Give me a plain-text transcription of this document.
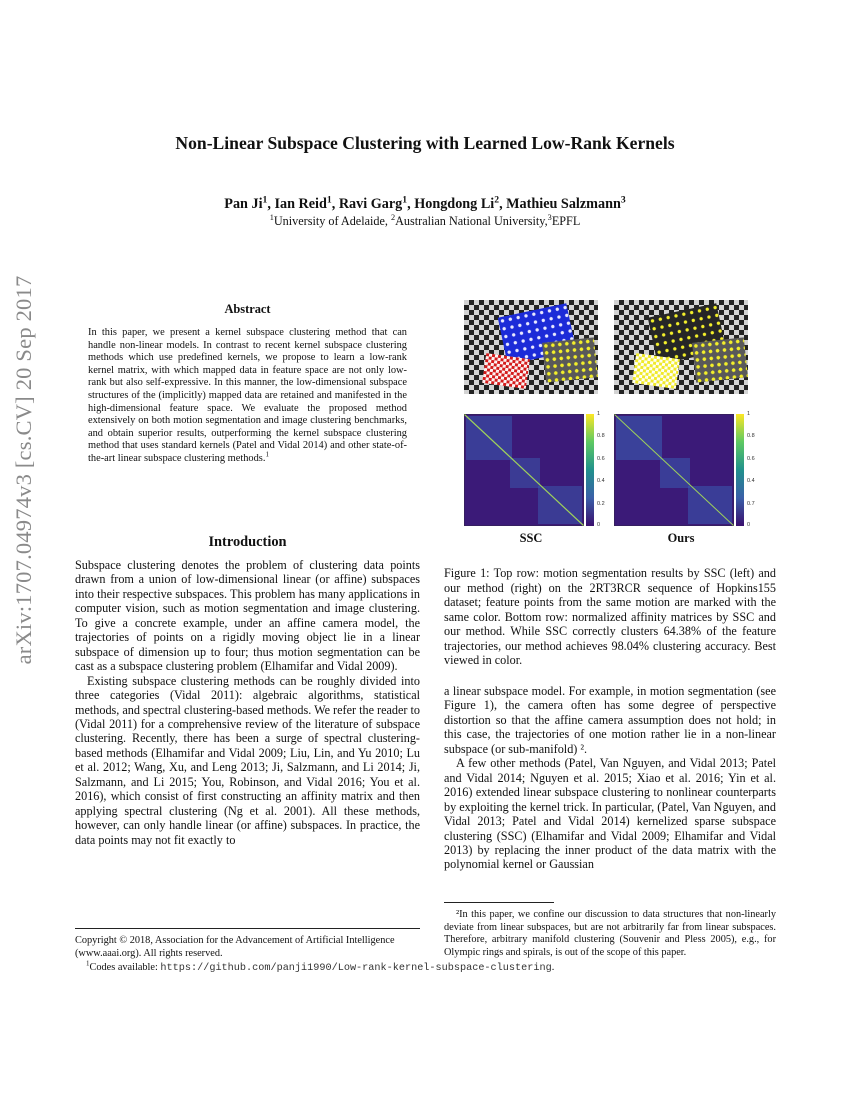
arXiv:1707.04974v3 [cs.CV] 20 Sep 2017
Non-Linear Subspace Clustering with Learned Low-Rank Kernels
Pan Ji$^1$, Ian Reid$^1$, Ravi Garg$^1$, Hongdong Li$^2$, Mathieu Salzmann$^3$
$^1$University of Adelaide, $^2$Australian National University,$^3$EPFL
Abstract
In this paper, we present a kernel subspace clustering method that can handle non-linear models. In contrast to recent kernel subspace clustering methods which use predefined kernels, we propose to learn a low-rank kernel matrix, with which mapped data in feature space are not only low-rank but also self-expressive. In this manner, the low-dimensional subspace structures of the (implicitly) mapped data are retained and manifested in the high-dimensional feature space. We evaluate the proposed method extensively on both motion segmentation and image clustering benchmarks, and obtain superior results, outperforming the kernel subspace clustering method that uses standard kernels (Patel and Vidal 2014) and other state-of-the-art linear subspace clustering methods.$^1$
Introduction

Subspace clustering denotes the problem of clustering data points drawn from a union of low-dimensional linear (or affine) subspaces into their respective subspaces. This problem has many applications in computer vision, such as motion segmentation and image clustering. To give a concrete example, under an affine camera model, the trajectories of points on a rigidly moving object lie in a linear subspace of dimension up to four; thus motion segmentation can be cast as a subspace clustering problem (Elhamifar and Vidal 2009).

Existing subspace clustering methods can be roughly divided into three categories (Vidal 2011): algebraic algorithms, statistical methods, and spectral clustering-based methods. We refer the reader to (Vidal 2011) for a comprehensive review of the literature of subspace clustering. Recently, there has been a surge of spectral clustering-based methods (Elhamifar and Vidal 2009; Liu, Lin, and Yu 2010; Lu et al. 2012; Wang, Xu, and Leng 2013; Ji, Salzmann, and Li 2014; Ji, Salzmann, and Li 2015; You, Robinson, and Vidal 2016; You et al. 2016), which consist of first constructing an affinity matrix and then applying spectral clustering (Ng et al. 2001). All these methods, however, can only handle linear (or affine) subspaces. In practice, the data points may not fit exactly to

Copyright © 2018, Association for the Advancement of Artificial Intelligence (www.aaai.org). All rights reserved.
$^1$Codes available: https://github.com/panji1990/Low-rank-kernel-subspace-clustering.
1
0.8
0.6
0.4
0.2
0
1
0.8
0.6
0.4
0.7
0
SSC	Ours
Figure 1: Top row: motion segmentation results by SSC (left) and our method (right) on the 2RT3RCR sequence of Hopkins155 dataset; feature points from the same motion are marked with the same color. Bottom row: normalized affinity matrices by SSC and our method. While SSC correctly clusters 64.38% of the feature trajectories, our method achieves 98.04% clustering accuracy. Best viewed in color.

a linear subspace model. For example, in motion segmentation (see Figure 1), the camera often has some degree of perspective distortion so that the affine camera assumption does not hold; in this case, the trajectories of one motion rather lie in a non-linear subspace (or sub-manifold) ².

A few other methods (Patel, Van Nguyen, and Vidal 2013; Patel and Vidal 2014; Nguyen et al. 2015; Xiao et al. 2016; Yin et al. 2016) extended linear subspace clustering to nonlinear counterparts by exploiting the kernel trick. In particular, (Patel, Van Nguyen, and Vidal 2013; Patel and Vidal 2014) kernelized sparse subspace clustering (SSC) (Elhamifar and Vidal 2009; Elhamifar and Vidal 2013) by replacing the inner product of the data matrix with the polynomial kernel or Gaussian

²In this paper, we confine our discussion to data structures that non-linearly deviate from linear subspaces, but are not arbitrarily far from linear subspaces. Therefore, arbitrary manifold clustering (Souvenir and Pless 2005), e.g., for Olympic rings and spirals, is out of the scope of this paper.
